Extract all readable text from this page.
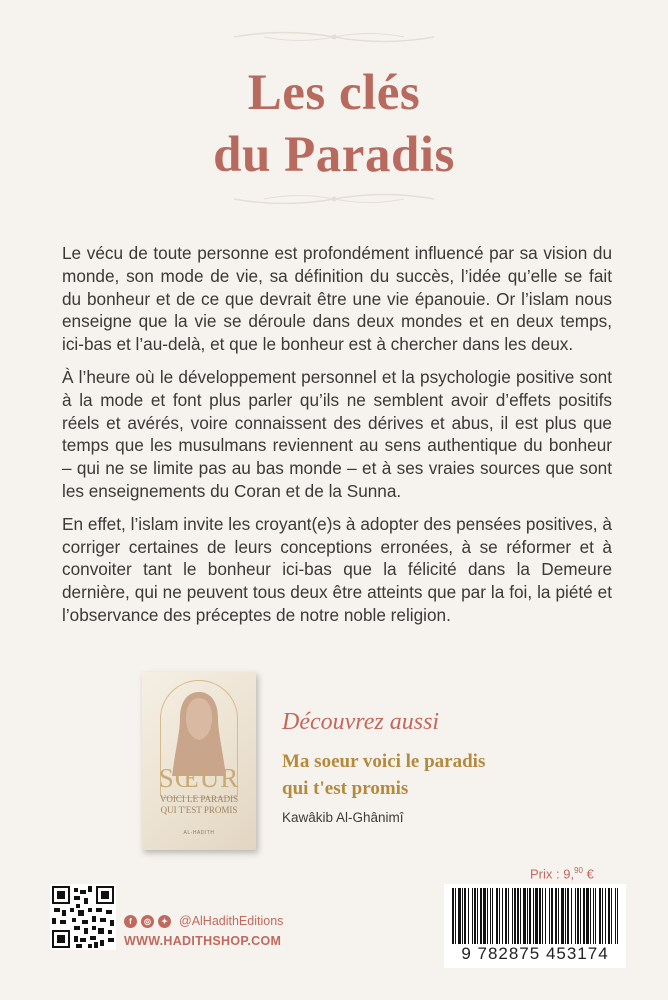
Les clés
du Paradis

Le vécu de toute personne est profondément influencé par sa vision du monde, son mode de vie, sa définition du succès, l’idée qu’elle se fait du bonheur et de ce que devrait être une vie épanouie. Or l’islam nous enseigne que la vie se déroule dans deux mondes et en deux temps, ici-bas et l’au-delà, et que le bonheur est à chercher dans les deux.

À l’heure où le développement personnel et la psychologie positive sont à la mode et font plus parler qu’ils ne semblent avoir d’effets positifs réels et avérés, voire connaissent des dérives et abus, il est plus que temps que les musulmans reviennent au sens authentique du bonheur – qui ne se limite pas au bas monde – et à ses vraies sources que sont les enseignements du Coran et de la Sunna.

En effet, l’islam invite les croyant(e)s à adopter des pensées positives, à corriger certaines de leurs conceptions erronées, à se réformer et à convoiter tant le bonheur ici-bas que la félicité dans la Demeure dernière, qui ne peuvent tous deux être atteints que par la foi, la piété et l’observance des préceptes de notre noble religion.

SŒUR
VOICI LE PARADIS
QUI T'EST PROMIS
AL-HADITH
Découvrez aussi
Ma soeur voici le paradis
qui t'est promis
Kawâkib Al-Ghânimî
Prix : 9,90 €
f	◎	✦ @AlHadithEditions
WWW.HADITHSHOP.COM
9 782875 453174
